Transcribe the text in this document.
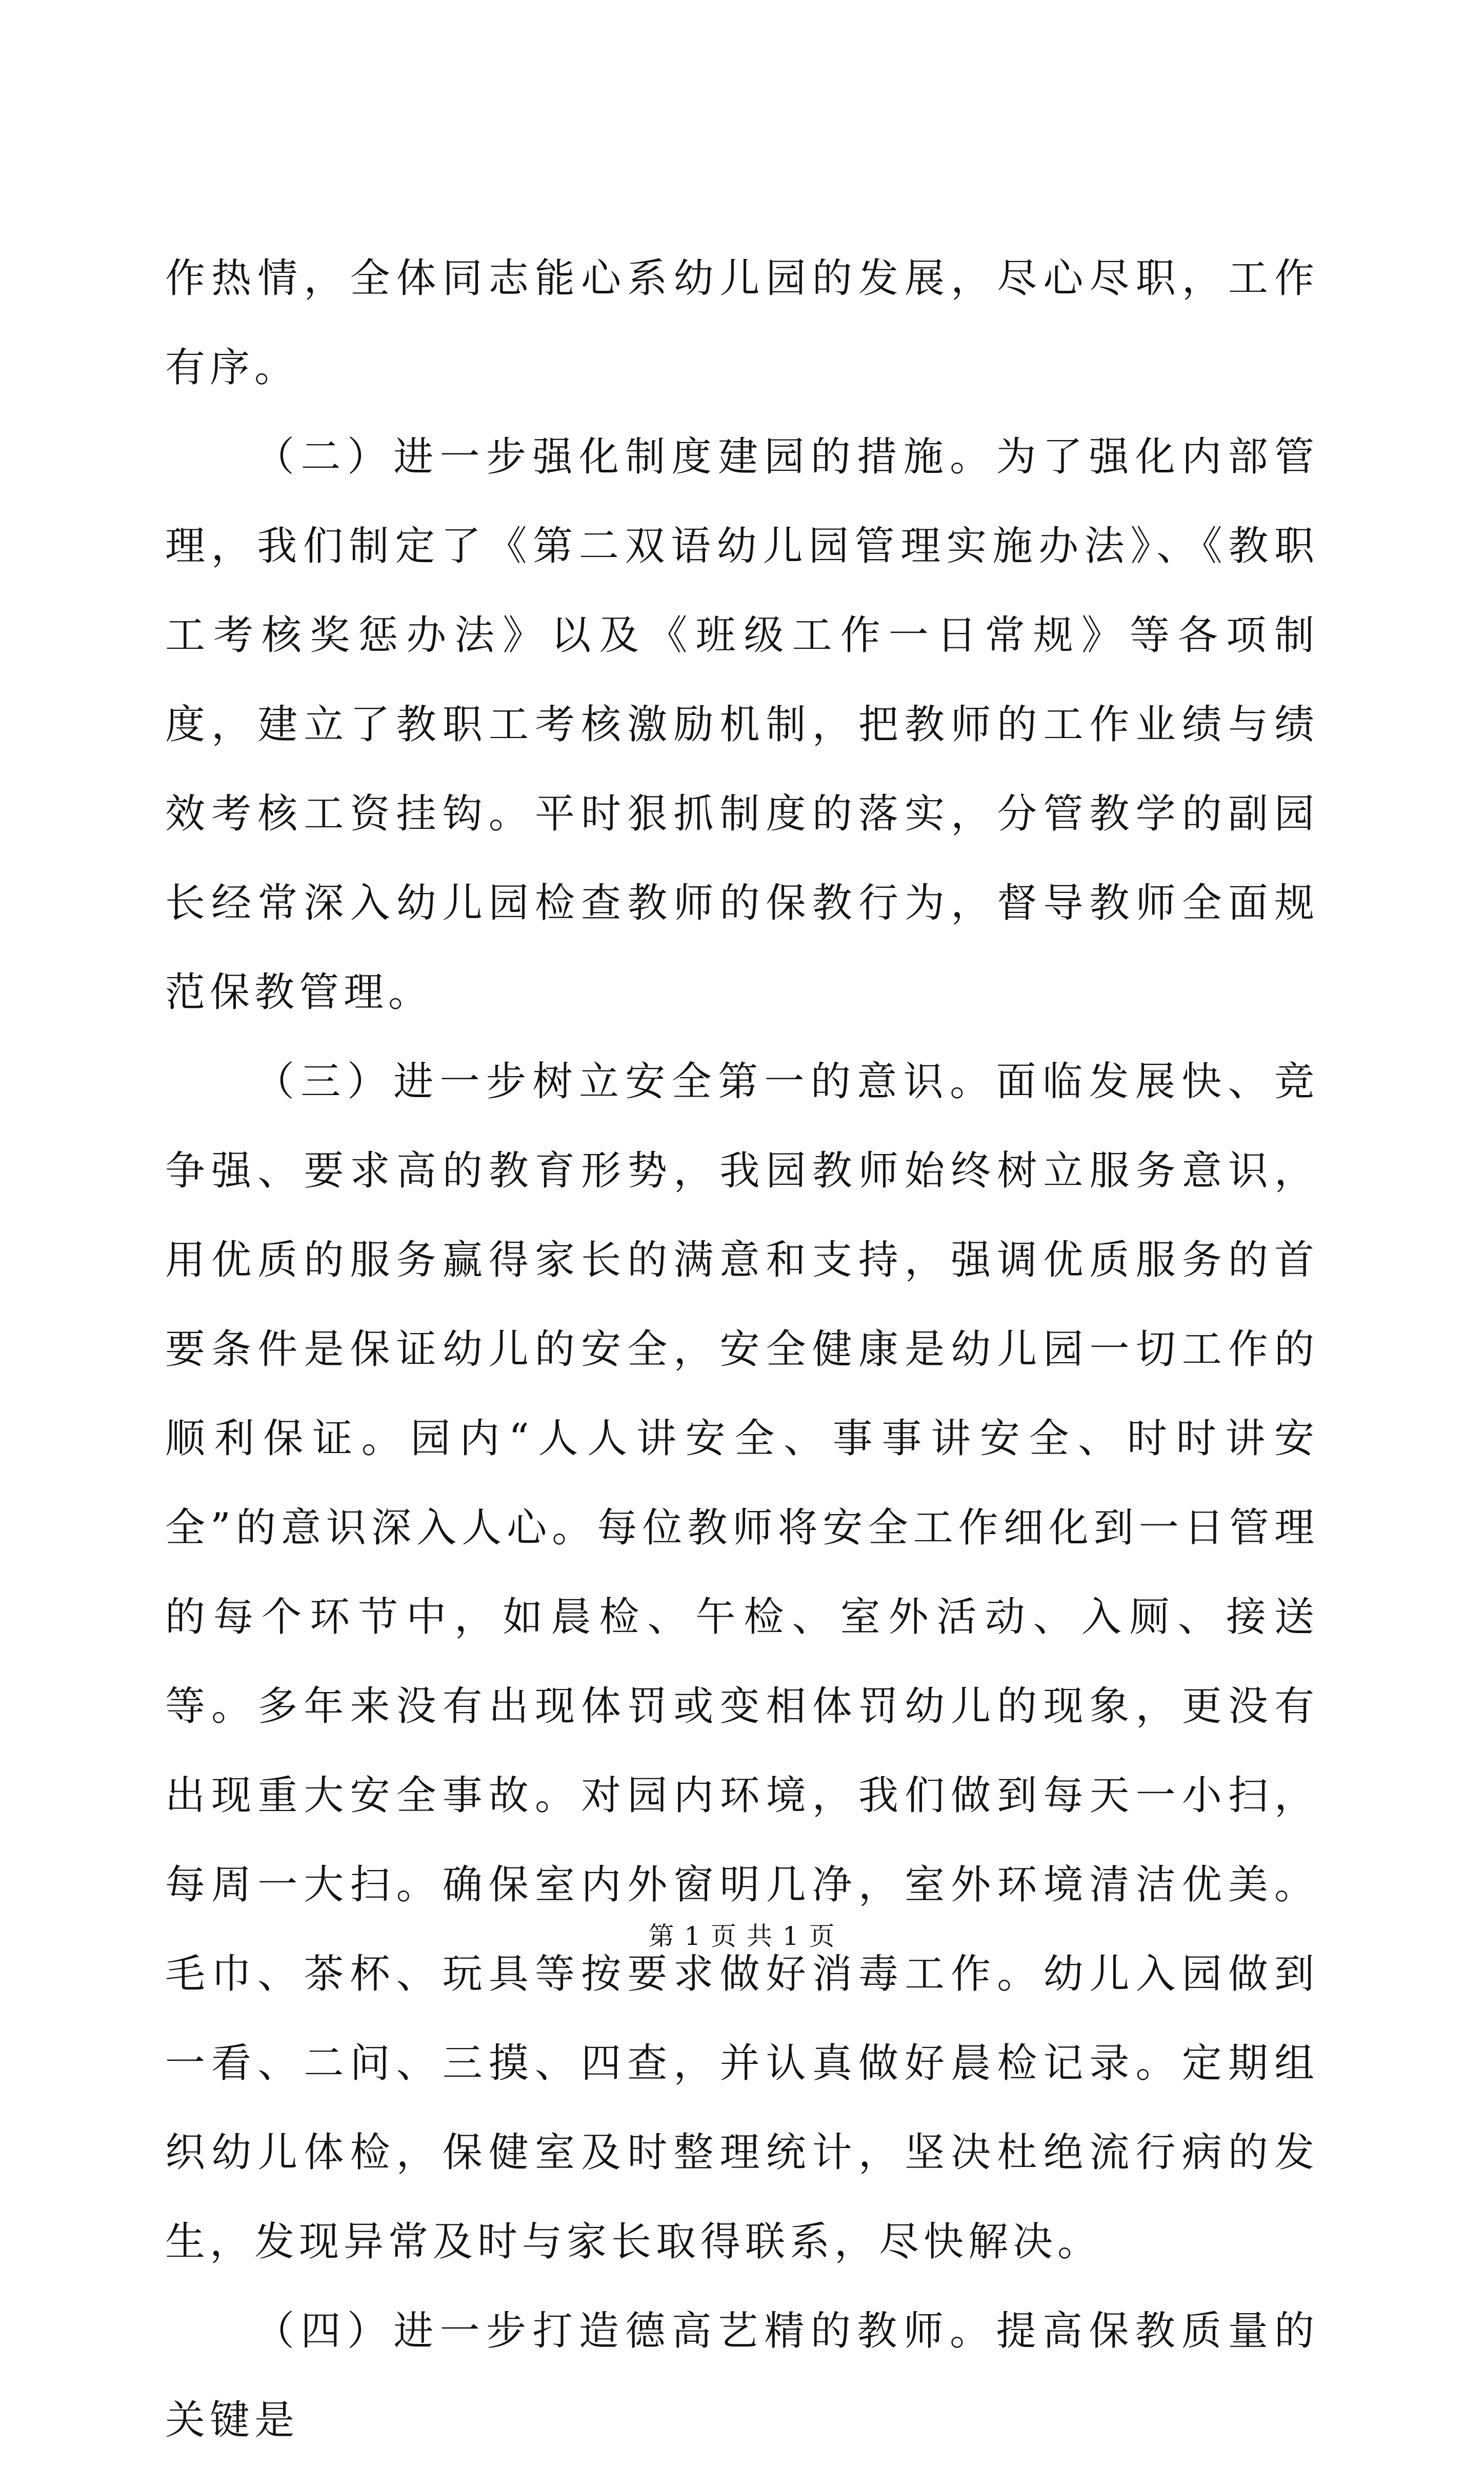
作热情，全体同志能心系幼儿园的发展，尽心尽职，工作有序。

（二）进一步强化制度建园的措施。为了强化内部管理，我们制定了《第二双语幼儿园管理实施办法》、《教职工考核奖惩办法》以及《班级工作一日常规》等各项制度，建立了教职工考核激励机制，把教师的工作业绩与绩效考核工资挂钩。平时狠抓制度的落实，分管教学的副园长经常深入幼儿园检查教师的保教行为，督导教师全面规范保教管理。

（三）进一步树立安全第一的意识。面临发展快、竞争强、要求高的教育形势，我园教师始终树立服务意识，用优质的服务赢得家长的满意和支持，强调优质服务的首要条件是保证幼儿的安全，安全健康是幼儿园一切工作的顺利保证。园内“人人讲安全、事事讲安全、时时讲安全”的意识深入人心。每位教师将安全工作细化到一日管理的每个环节中，如晨检、午检、室外活动、入厕、接送等。多年来没有出现体罚或变相体罚幼儿的现象，更没有出现重大安全事故。对园内环境，我们做到每天一小扫，每周一大扫。确保室内外窗明几净，室外环境清洁优美。毛巾、茶杯、玩具等按要求做好消毒工作。幼儿入园做到一看、二问、三摸、四查，并认真做好晨检记录。定期组织幼儿体检，保健室及时整理统计，坚决杜绝流行病的发生，发现异常及时与家长取得联系，尽快解决。

（四）进一步打造德高艺精的教师。提高保教质量的关键是

第 1 页 共 1 页
